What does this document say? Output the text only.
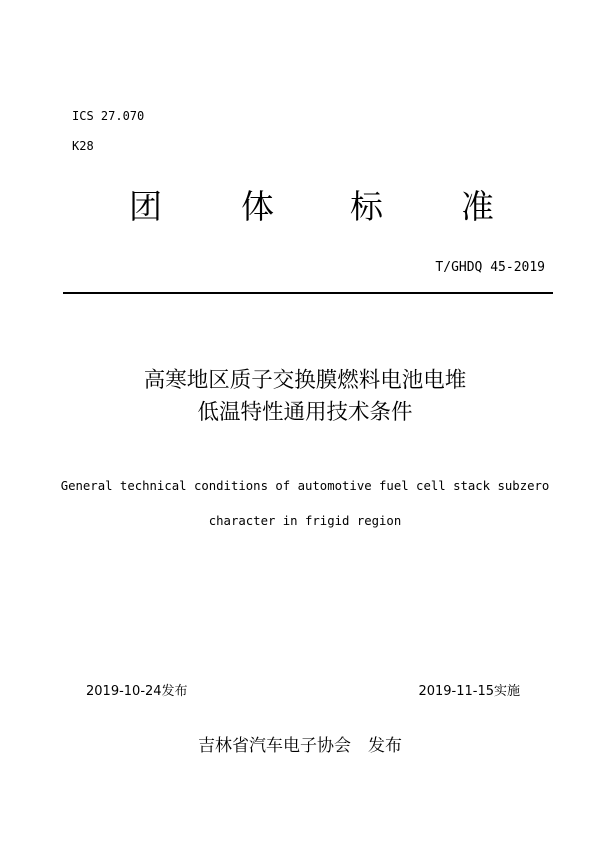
ICS 27.070
K28
团 体 标 准
T/GHDQ 45-2019
高寒地区质子交换膜燃料电池电堆
低温特性通用技术条件
General technical conditions of automotive fuel cell stack subzero
character in frigid region
2019-10-24发布	2019-11-15实施
吉林省汽车电子协会　发布
